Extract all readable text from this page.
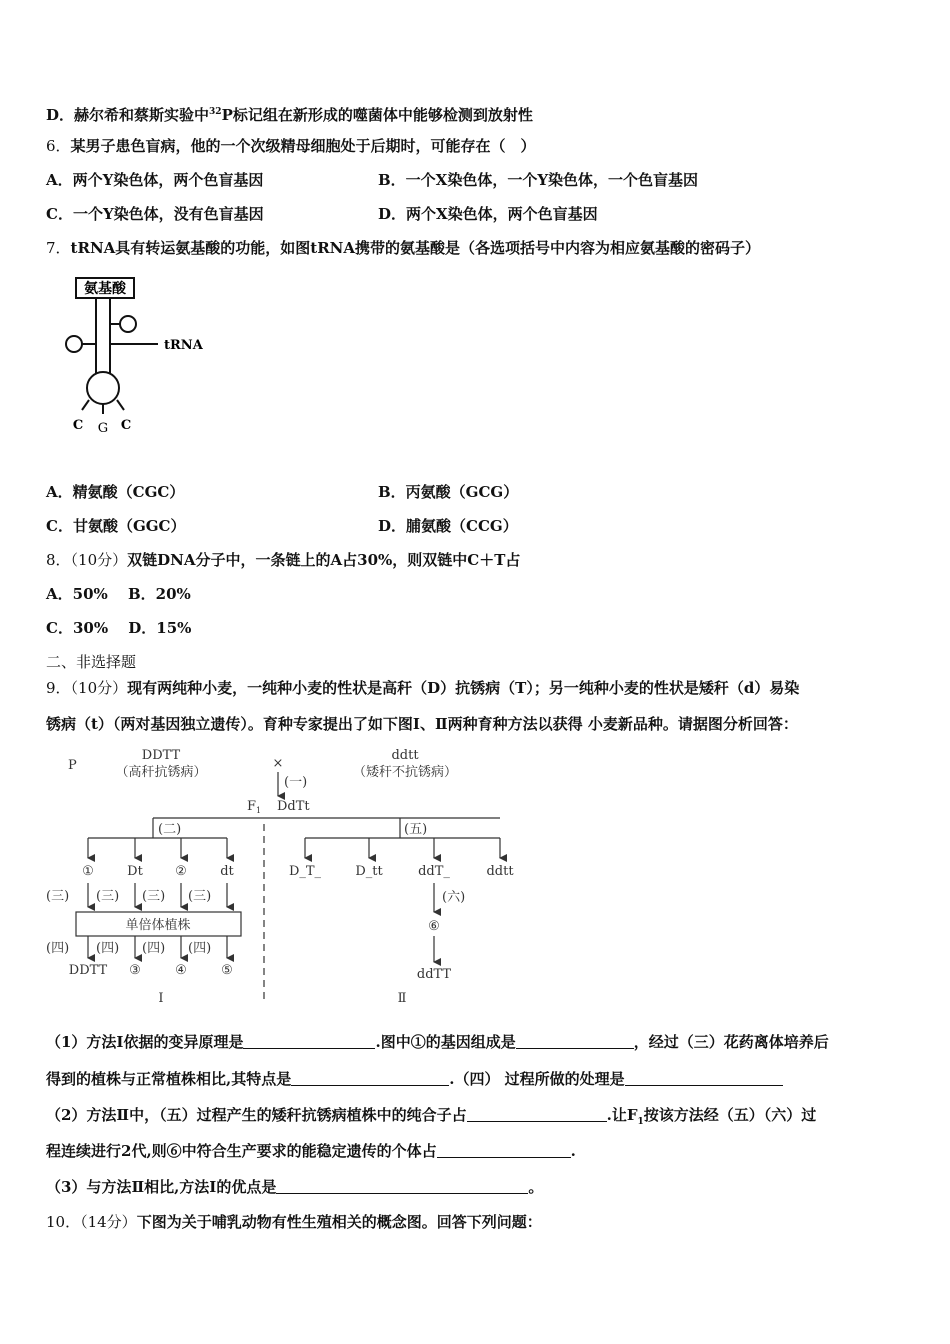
D．赫尔希和蔡斯实验中$^{32}$P标记组在新形成的噬菌体中能够检测到放射性
6．某男子患色盲病，他的一个次级精母细胞处于后期时，可能存在（　）
A．两个Y染色体，两个色盲基因	B．一个X染色体，一个Y染色体，一个色盲基因
C．一个Y染色体，没有色盲基因	D．两个X染色体，两个色盲基因
7．tRNA具有转运氨基酸的功能，如图tRNA携带的氨基酸是（各选项括号中内容为相应氨基酸的密码子）
氨基酸
tRNA
C G C
A．精氨酸（CGC）	B．丙氨酸（GCG）
C．甘氨酸（GGC）	D．脯氨酸（CCG）
8．（10分）双链DNA分子中，一条链上的A占30%，则双链中C＋T占
A．50%　 B．20%
C．30%　 D．15%
二、非选择题
9．（10分）现有两纯种小麦，一纯种小麦的性状是高秆（D）抗锈病（T）；另一纯种小麦的性状是矮秆（d）易染
锈病（t）（两对基因独立遗传）。育种专家提出了如下图Ⅰ、Ⅱ两种育种方法以获得 小麦新品种。请据图分析回答：
P
DDTT
（高秆抗锈病）
×
ddtt
（矮秆不抗锈病）
(一)
$F_1$ DdTt
(二)	(五)
①	Dt ②	dt	D_T_	D_tt	ddT_	ddtt
(三) (三) (三) (三)
单倍体植株
(四) (四) (四) (四)
DDTT ③	④	⑤
(六)
⑥
ddTT
Ⅰ	Ⅱ
（1）方法Ⅰ依据的变异原理是	.图中①的基因组成是	，经过（三）花药离体培养后
得到的植株与正常植株相比,其特点是	.（四） 过程所做的处理是
（2）方法Ⅱ中，（五）过程产生的矮秆抗锈病植株中的纯合子占	.让$F_1$按该方法经（五）（六）过
程连续进行2代,则⑥中符合生产要求的能稳定遗传的个体占	.
（3）与方法Ⅱ相比,方法Ⅰ的优点是	。
10．（14分）下图为关于哺乳动物有性生殖相关的概念图。回答下列问题：
